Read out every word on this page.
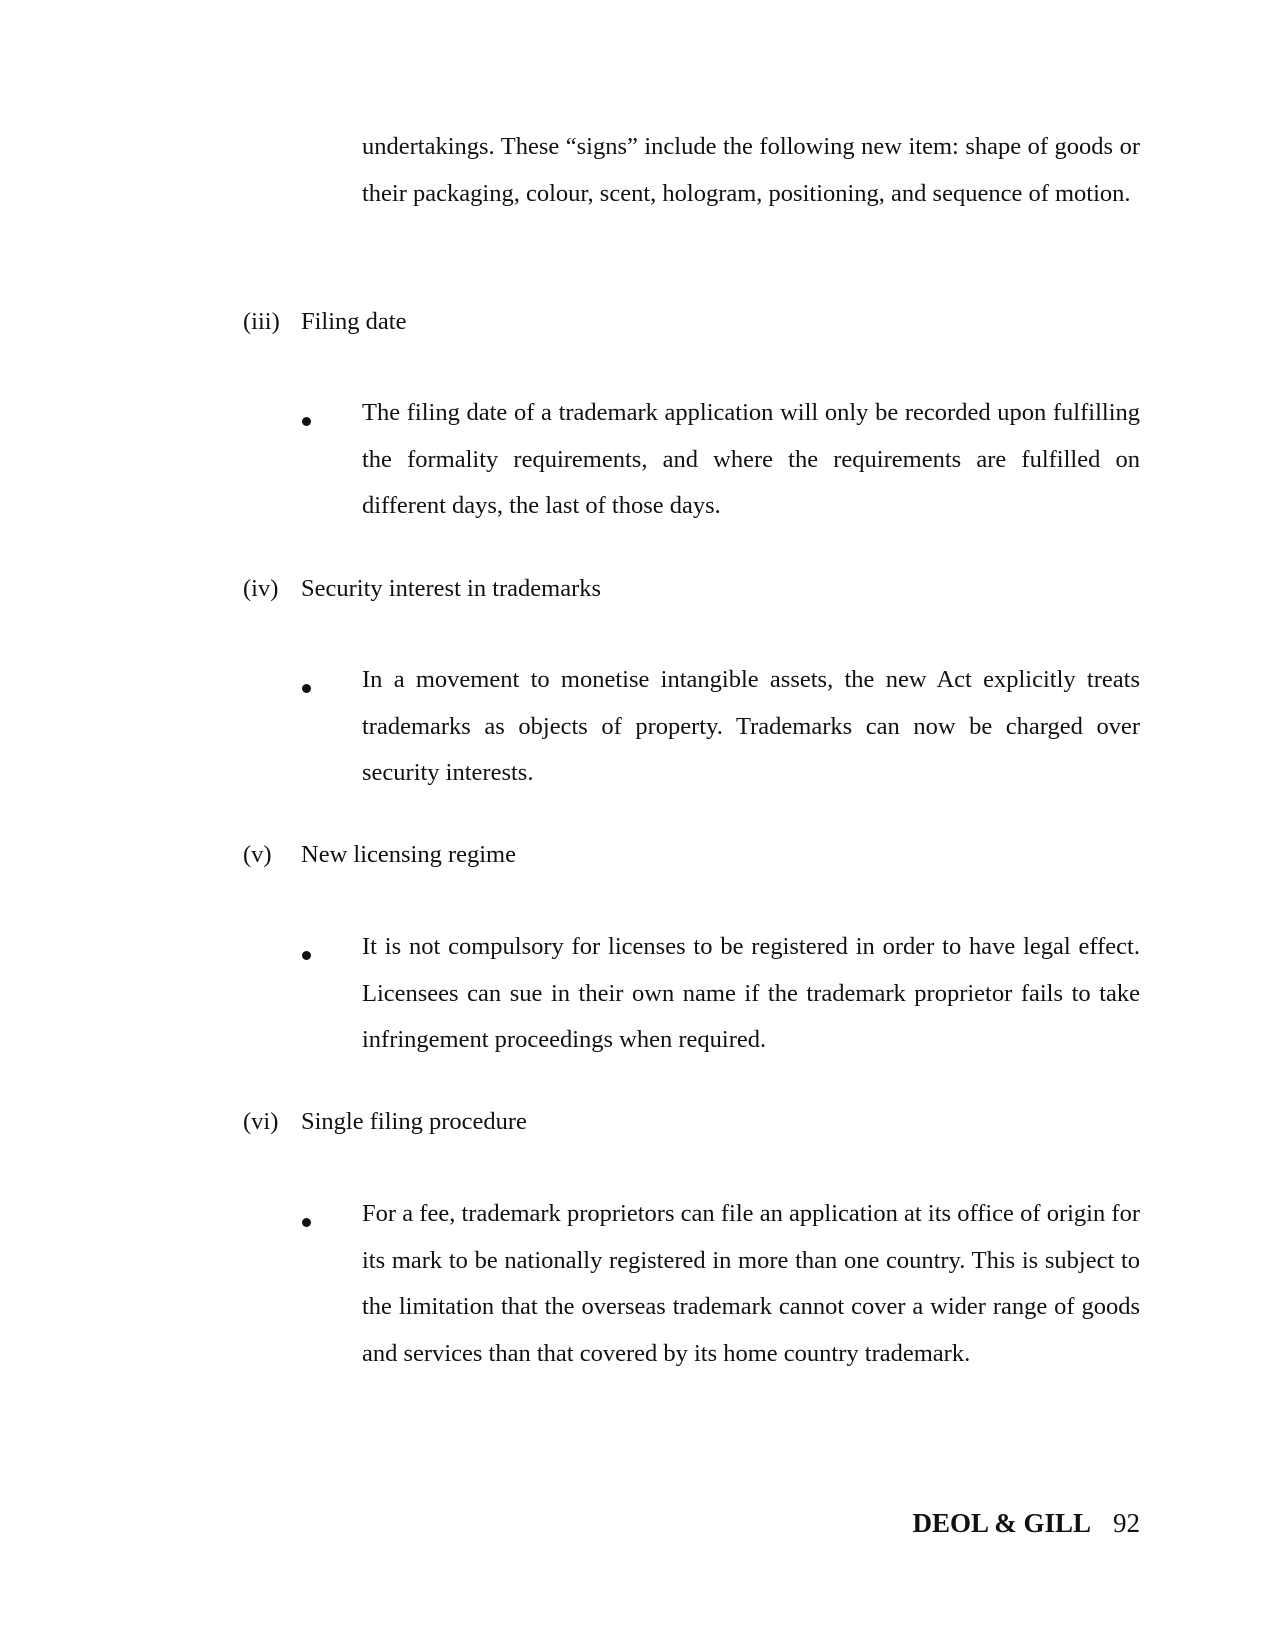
undertakings. These “signs” include the following new item: shape of goods or their packaging, colour, scent, hologram, positioning, and sequence of motion.

(iii) Filing date

The filing date of a trademark application will only be recorded upon fulfilling the formality requirements, and where the requirements are fulfilled on different days, the last of those days.

(iv) Security interest in trademarks

In a movement to monetise intangible assets, the new Act explicitly treats trademarks as objects of property. Trademarks can now be charged over security interests.

(v) New licensing regime

It is not compulsory for licenses to be registered in order to have legal effect. Licensees can sue in their own name if the trademark proprietor fails to take infringement proceedings when required.

(vi) Single filing procedure

For a fee, trademark proprietors can file an application at its office of origin for its mark to be nationally registered in more than one country. This is subject to the limitation that the overseas trademark cannot cover a wider range of goods and services than that covered by its home country trademark.

DEOL & GILL 92
